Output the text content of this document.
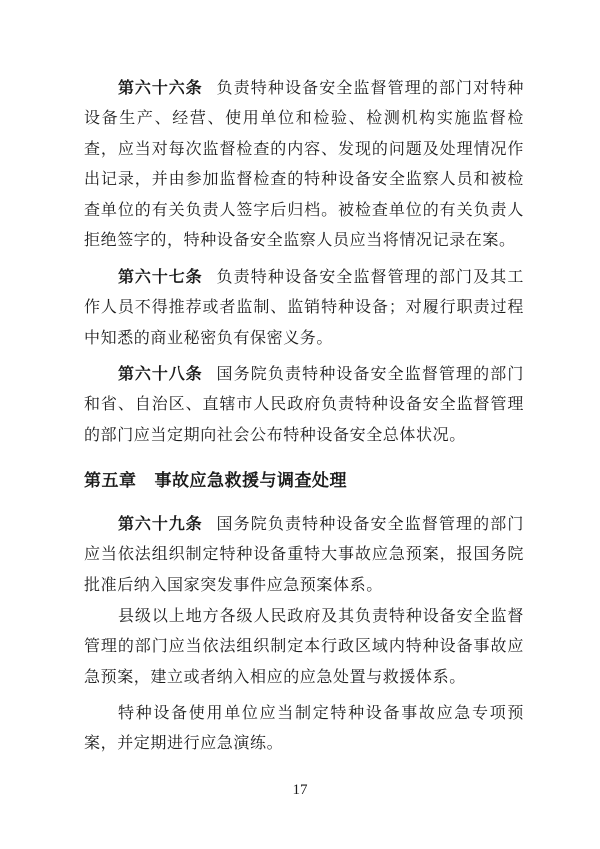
第六十六条 负责特种设备安全监督管理的部门对特种设备生产、经营、使用单位和检验、检测机构实施监督检查，应当对每次监督检查的内容、发现的问题及处理情况作出记录，并由参加监督检查的特种设备安全监察人员和被检查单位的有关负责人签字后归档。被检查单位的有关负责人拒绝签字的，特种设备安全监察人员应当将情况记录在案。

第六十七条 负责特种设备安全监督管理的部门及其工作人员不得推荐或者监制、监销特种设备；对履行职责过程中知悉的商业秘密负有保密义务。

第六十八条 国务院负责特种设备安全监督管理的部门和省、自治区、直辖市人民政府负责特种设备安全监督管理的部门应当定期向社会公布特种设备安全总体状况。

第五章 事故应急救援与调查处理

第六十九条 国务院负责特种设备安全监督管理的部门应当依法组织制定特种设备重特大事故应急预案，报国务院批准后纳入国家突发事件应急预案体系。

县级以上地方各级人民政府及其负责特种设备安全监督管理的部门应当依法组织制定本行政区域内特种设备事故应急预案，建立或者纳入相应的应急处置与救援体系。

特种设备使用单位应当制定特种设备事故应急专项预案，并定期进行应急演练。

17
